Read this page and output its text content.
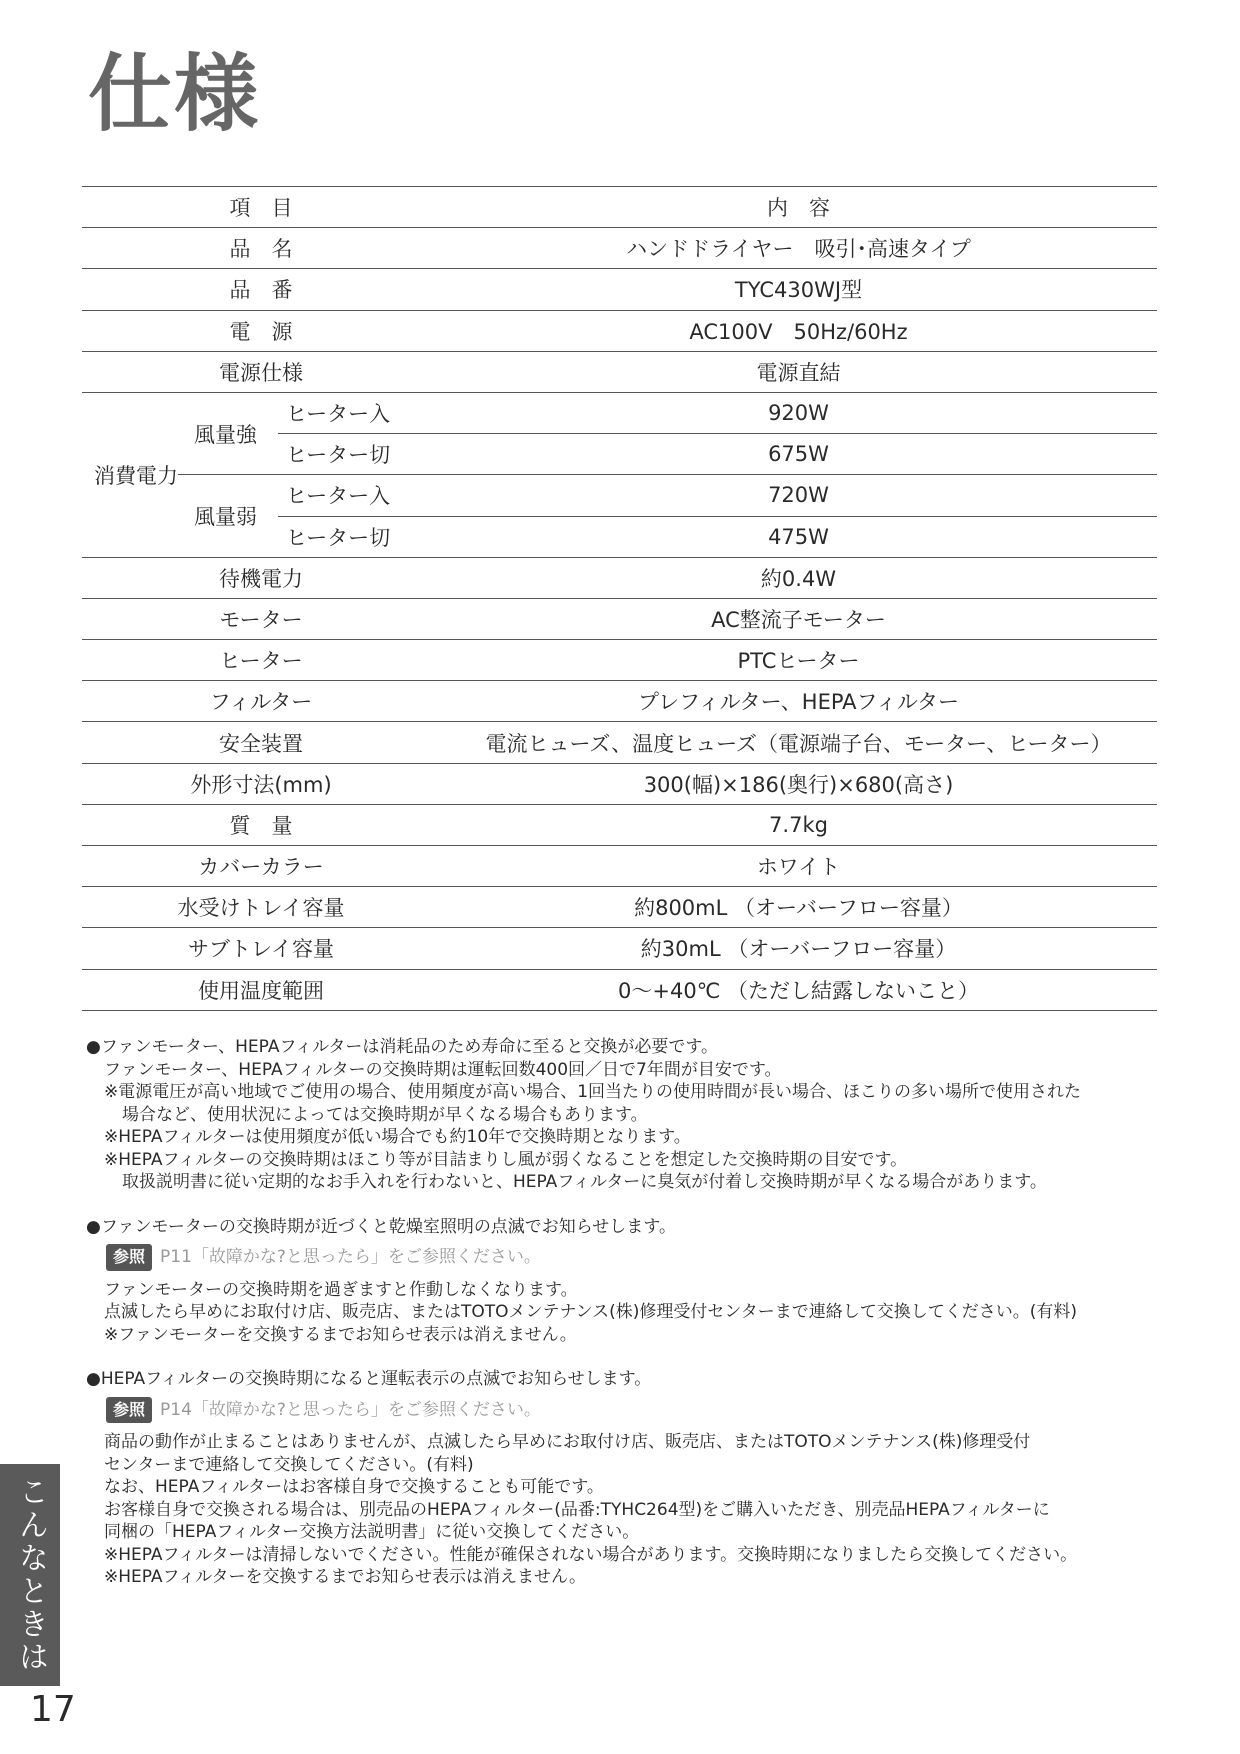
仕様
項　目			内　容
品　名			ハンドドライヤー　吸引･高速タイプ
品　番			TYC430WJ型
電　源			AC100V　50Hz/60Hz
電源仕様			電源直結
消費電力	風量強	ヒーター入	920W
		ヒーター切	675W
	風量弱	ヒーター入	720W
		ヒーター切	475W
待機電力			約0.4W
モーター			AC整流子モーター
ヒーター			PTCヒーター
フィルター			プレフィルター、HEPAフィルター
安全装置			電流ヒューズ、温度ヒューズ（電源端子台、モーター、ヒーター）
外形寸法(mm)			300(幅)×186(奥行)×680(高さ)
質　量			7.7kg
カバーカラー			ホワイト
水受けトレイ容量			約800mL （オーバーフロー容量）
サブトレイ容量			約30mL （オーバーフロー容量）
使用温度範囲			0～+40℃ （ただし結露しないこと）

●ファンモーター、HEPAフィルターは消耗品のため寿命に至ると交換が必要です。

ファンモーター、HEPAフィルターの交換時期は運転回数400回／日で7年間が目安です。

※電源電圧が高い地域でご使用の場合、使用頻度が高い場合、1回当たりの使用時間が長い場合、ほこりの多い場所で使用された

場合など、使用状況によっては交換時期が早くなる場合もあります。

※HEPAフィルターは使用頻度が低い場合でも約10年で交換時期となります。

※HEPAフィルターの交換時期はほこり等が目詰まりし風が弱くなることを想定した交換時期の目安です。

取扱説明書に従い定期的なお手入れを行わないと、HEPAフィルターに臭気が付着し交換時期が早くなる場合があります。

●ファンモーターの交換時期が近づくと乾燥室照明の点滅でお知らせします。

参照 P11「故障かな?と思ったら」をご参照ください。

ファンモーターの交換時期を過ぎますと作動しなくなります。

点滅したら早めにお取付け店、販売店、またはTOTOメンテナンス(株)修理受付センターまで連絡して交換してください。(有料)

※ファンモーターを交換するまでお知らせ表示は消えません。

●HEPAフィルターの交換時期になると運転表示の点滅でお知らせします。

参照 P14「故障かな?と思ったら」をご参照ください。

商品の動作が止まることはありませんが、点滅したら早めにお取付け店、販売店、またはTOTOメンテナンス(株)修理受付

センターまで連絡して交換してください。(有料)

なお、HEPAフィルターはお客様自身で交換することも可能です。

お客様自身で交換される場合は、別売品のHEPAフィルター(品番:TYHC264型)をご購入いただき、別売品HEPAフィルターに

同梱の「HEPAフィルター交換方法説明書」に従い交換してください。

※HEPAフィルターは清掃しないでください。性能が確保されない場合があります。交換時期になりましたら交換してください。

※HEPAフィルターを交換するまでお知らせ表示は消えません。

こんなときは
17
